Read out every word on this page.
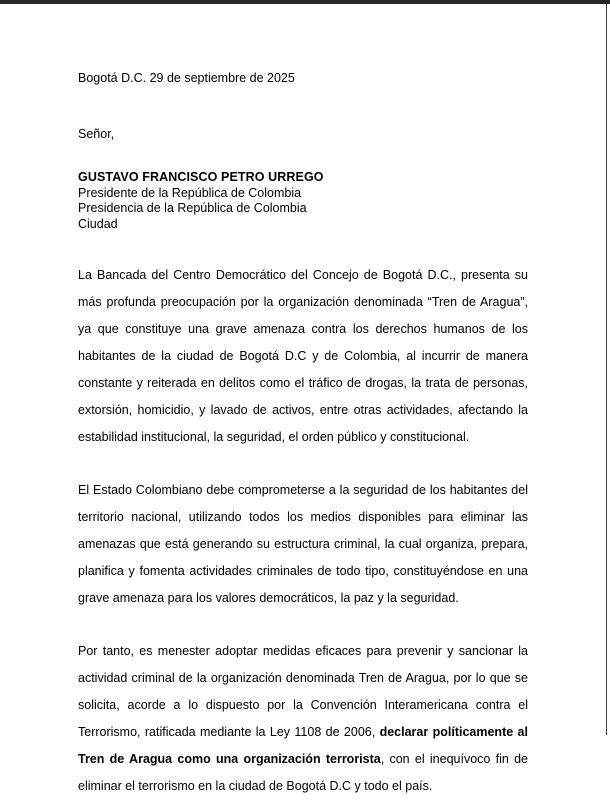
Bogotá D.C. 29 de septiembre de 2025
Señor,
GUSTAVO FRANCISCO PETRO URREGO
Presidente de la República de Colombia
Presidencia de la República de Colombia
Ciudad

La Bancada del Centro Democrático del Concejo de Bogotá D.C., presenta su más profunda preocupación por la organización denominada “Tren de Aragua”, ya que constituye una grave amenaza contra los derechos humanos de los habitantes de la ciudad de Bogotá D.C y de Colombia, al incurrir de manera constante y reiterada en delitos como el tráfico de drogas, la trata de personas, extorsión, homicidio, y lavado de activos, entre otras actividades, afectando la estabilidad institucional, la seguridad, el orden público y constitucional.

El Estado Colombiano debe comprometerse a la seguridad de los habitantes del territorio nacional, utilizando todos los medios disponibles para eliminar las amenazas que está generando su estructura criminal, la cual organiza, prepara, planifica y fomenta actividades criminales de todo tipo, constituyéndose en una grave amenaza para los valores democráticos, la paz y la seguridad.

Por tanto, es menester adoptar medidas eficaces para prevenir y sancionar la actividad criminal de la organización denominada Tren de Aragua, por lo que se solicita, acorde a lo dispuesto por la Convención Interamericana contra el Terrorismo, ratificada mediante la Ley 1108 de 2006, declarar políticamente al Tren de Aragua como una organización terrorista, con el inequívoco fin de eliminar el terrorismo en la ciudad de Bogotá D.C y todo el país.
